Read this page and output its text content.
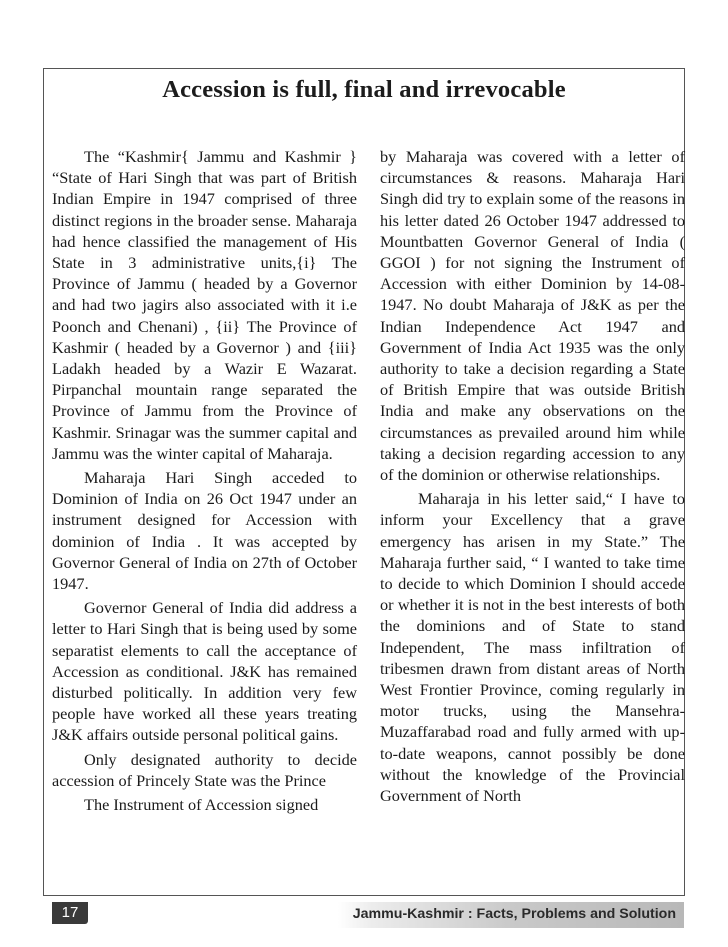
Accession is full, final and irrevocable

The “Kashmir{ Jammu and Kashmir } “State of Hari Singh that was part of British Indian Empire in 1947 comprised of three distinct regions in the broader sense. Maharaja had hence classified the management of His State in 3 administrative units,{i} The Province of Jammu ( headed by a Governor and had two jagirs also associated with it i.e Poonch and Chenani) , {ii} The Province of Kashmir ( headed by a Governor ) and {iii} Ladakh headed by a Wazir E Wazarat. Pirpanchal mountain range separated the Province of Jammu from the Province of Kashmir. Srinagar was the summer capital and Jammu was the winter capital of Maharaja.

Maharaja Hari Singh acceded to Dominion of India on 26 Oct 1947 under an instrument designed for Accession with dominion of India . It was accepted by Governor General of India on 27th of October 1947.

Governor General of India did address a letter to Hari Singh that is being used by some separatist elements to call the acceptance of Accession as conditional. J&K has remained disturbed politically. In addition very few people have worked all these years treating J&K affairs outside personal political gains.

Only designated authority to decide accession of Princely State was the Prince

The Instrument of Accession signed

by Maharaja was covered with a letter of circumstances & reasons. Maharaja Hari Singh did try to explain some of the reasons in his letter dated 26 October 1947 addressed to Mountbatten Governor General of India ( GGOI ) for not signing the Instrument of Accession with either Dominion by 14-08-1947. No doubt Maharaja of J&K as per the Indian Independence Act 1947 and Government of India Act 1935 was the only authority to take a decision regarding a State of British Empire that was outside British India and make any observations on the circumstances as prevailed around him while taking a decision regarding accession to any of the dominion or otherwise relationships.

Maharaja in his letter said,“ I have to inform your Excellency that a grave emergency has arisen in my State.” The Maharaja further said, “ I wanted to take time to decide to which Dominion I should accede or whether it is not in the best interests of both the dominions and of State to stand Independent, The mass infiltration of tribesmen drawn from distant areas of North West Frontier Province, coming regularly in motor trucks, using the Mansehra-Muzaffarabad road and fully armed with up-to-date weapons, cannot possibly be done without the knowledge of the Provincial Government of North

17	Jammu-Kashmir : Facts, Problems and Solution
